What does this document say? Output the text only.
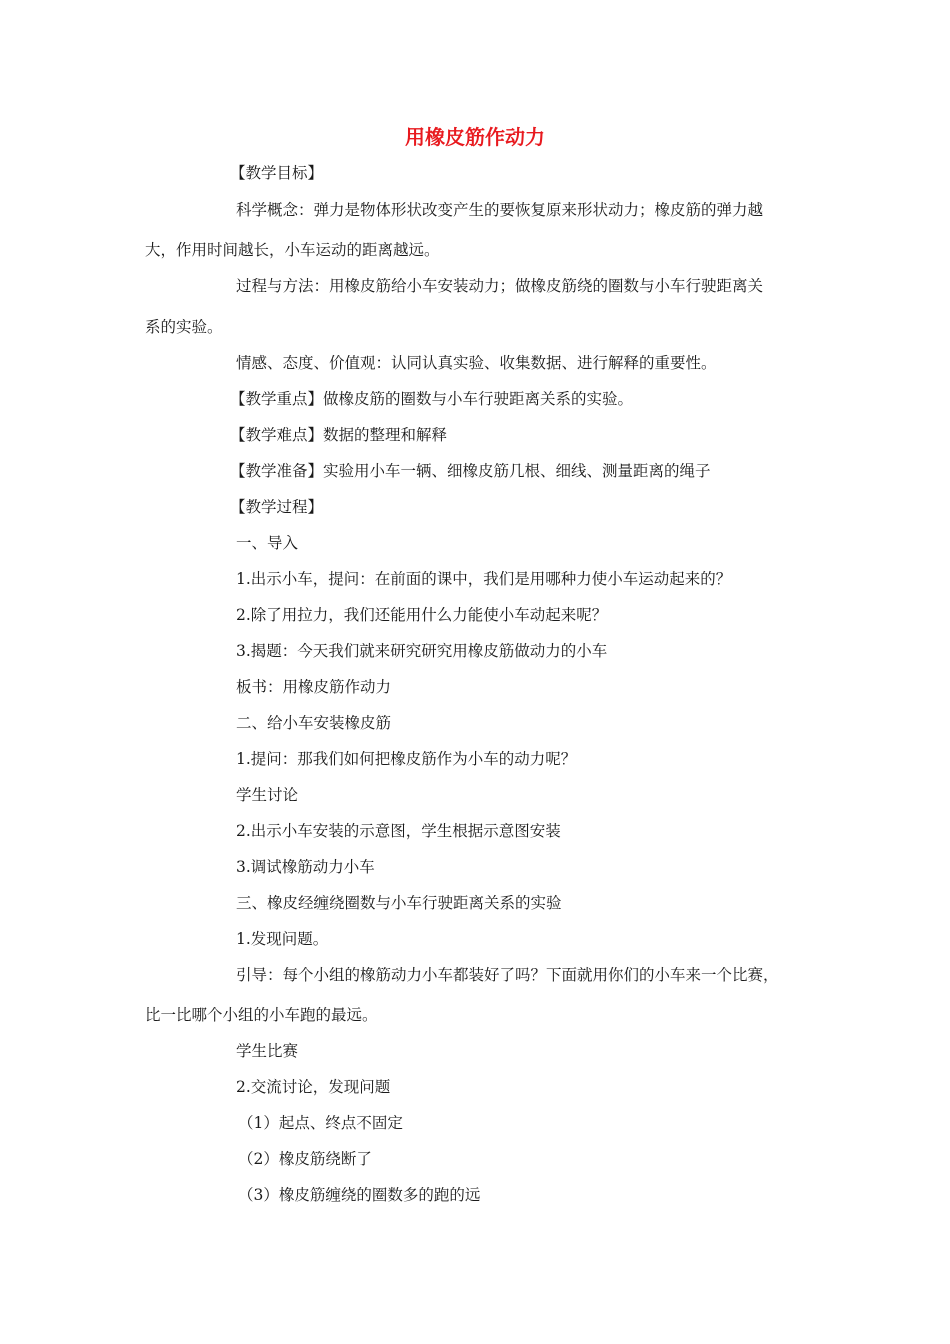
用橡皮筋作动力
【教学目标】
科学概念：弹力是物体形状改变产生的要恢复原来形状动力；橡皮筋的弹力越
大，作用时间越长，小车运动的距离越远。
过程与方法：用橡皮筋给小车安装动力；做橡皮筋绕的圈数与小车行驶距离关
系的实验。
情感、态度、价值观：认同认真实验、收集数据、进行解释的重要性。
【教学重点】做橡皮筋的圈数与小车行驶距离关系的实验。
【教学难点】数据的整理和解释
【教学准备】实验用小车一辆、细橡皮筋几根、细线、测量距离的绳子
【教学过程】
一、导入
1.出示小车，提问：在前面的课中，我们是用哪种力使小车运动起来的？
2.除了用拉力，我们还能用什么力能使小车动起来呢？
3.揭题：今天我们就来研究研究用橡皮筋做动力的小车
板书：用橡皮筋作动力
二、给小车安装橡皮筋
1.提问：那我们如何把橡皮筋作为小车的动力呢？
学生讨论
2.出示小车安装的示意图，学生根据示意图安装
3.调试橡筋动力小车
三、橡皮经缠绕圈数与小车行驶距离关系的实验
1.发现问题。
引导：每个小组的橡筋动力小车都装好了吗？下面就用你们的小车来一个比赛，
比一比哪个小组的小车跑的最远。
学生比赛
2.交流讨论，发现问题
（1）起点、终点不固定
（2）橡皮筋绕断了
（3）橡皮筋缠绕的圈数多的跑的远
